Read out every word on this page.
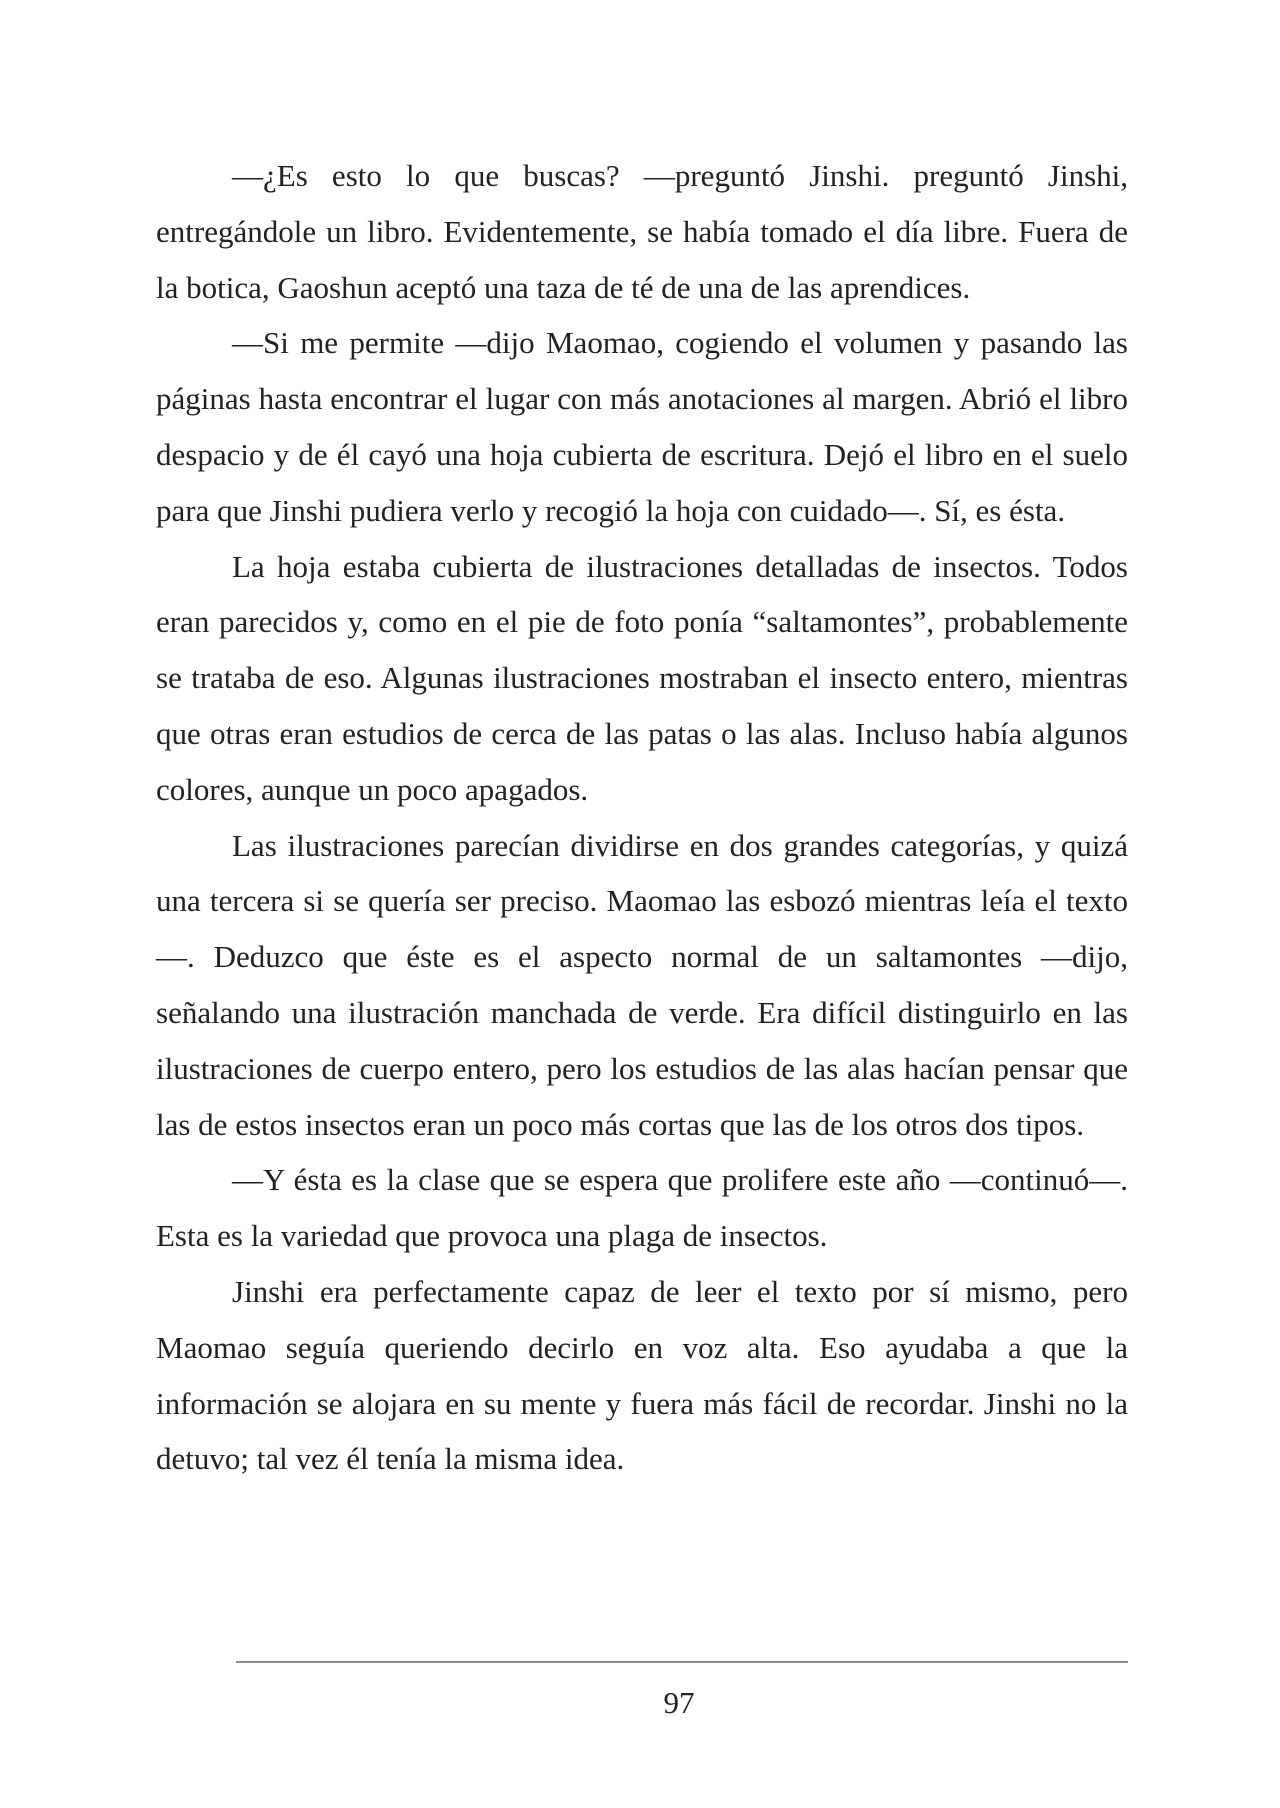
—¿Es esto lo que buscas? —preguntó Jinshi. preguntó Jinshi, entregándole un libro. Evidentemente, se había tomado el día libre. Fuera de la botica, Gaoshun aceptó una taza de té de una de las aprendices.

—Si me permite —dijo Maomao, cogiendo el volumen y pasando las páginas hasta encontrar el lugar con más anotaciones al margen. Abrió el libro despacio y de él cayó una hoja cubierta de escritura. Dejó el libro en el suelo para que Jinshi pudiera verlo y recogió la hoja con cuidado—. Sí, es ésta.

La hoja estaba cubierta de ilustraciones detalladas de insectos. Todos eran parecidos y, como en el pie de foto ponía “saltamontes”, probablemente se trataba de eso. Algunas ilustraciones mostraban el insecto entero, mientras que otras eran estudios de cerca de las patas o las alas. Incluso había algunos colores, aunque un poco apagados.

Las ilustraciones parecían dividirse en dos grandes categorías, y quizá una tercera si se quería ser preciso. Maomao las esbozó mientras leía el texto—. Deduzco que éste es el aspecto normal de un saltamontes —dijo, señalando una ilustración manchada de verde. Era difícil distinguirlo en las ilustraciones de cuerpo entero, pero los estudios de las alas hacían pensar que las de estos insectos eran un poco más cortas que las de los otros dos tipos.

—Y ésta es la clase que se espera que prolifere este año —continuó—. Esta es la variedad que provoca una plaga de insectos.

Jinshi era perfectamente capaz de leer el texto por sí mismo, pero Maomao seguía queriendo decirlo en voz alta. Eso ayudaba a que la información se alojara en su mente y fuera más fácil de recordar. Jinshi no la detuvo; tal vez él tenía la misma idea.

97
